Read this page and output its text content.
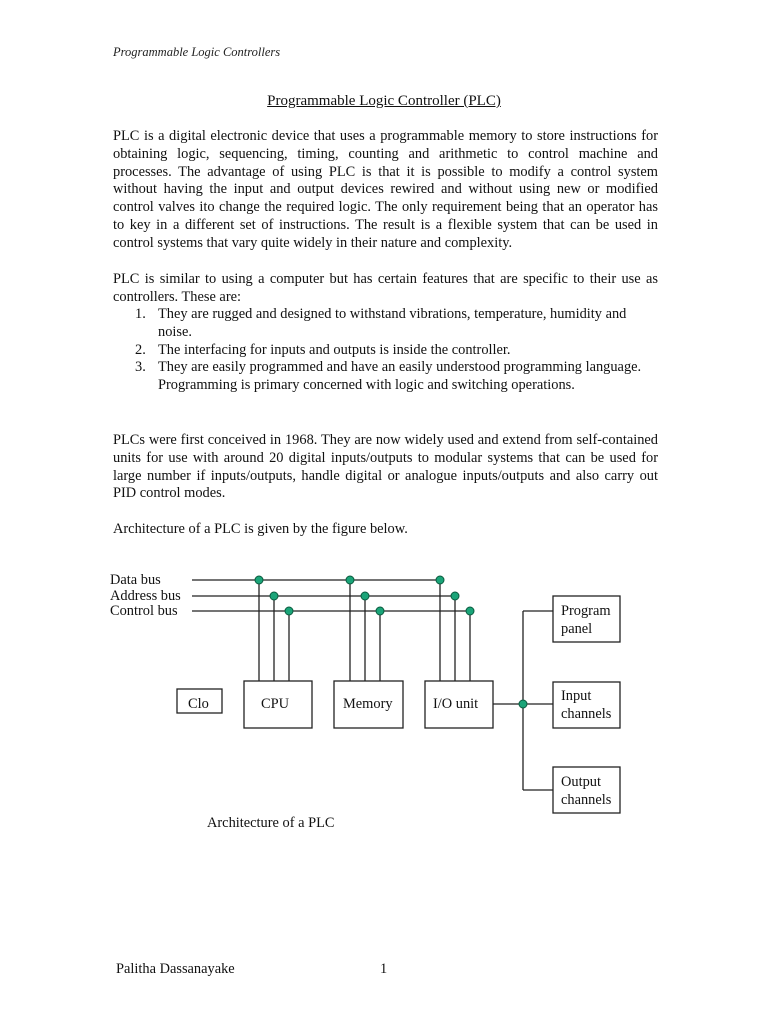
Programmable Logic Controllers
Programmable Logic Controller (PLC)

PLC is a digital electronic device that uses a programmable memory to store instructions for obtaining logic, sequencing, timing, counting and arithmetic to control machine and processes. The advantage of using PLC is that it is possible to modify a control system without having the input and output devices rewired and without using new or modified control valves ito change the required logic. The only requirement being that an operator has to key in a different set of instructions. The result is a flexible system that can be used in control systems that vary quite widely in their nature and complexity.

PLC is similar to using a computer but has certain features that are specific to their use as controllers. These are:

1. They are rugged and designed to withstand vibrations, temperature, humidity and noise.
2. The interfacing for inputs and outputs is inside the controller.
3. They are easily programmed and have an easily understood programming language. Programming is primary concerned with logic and switching operations.

PLCs were first conceived in 1968. They are now widely used and extend from self-contained units for use with around 20 digital inputs/outputs to modular systems that can be used for large number if inputs/outputs, handle digital or analogue inputs/outputs and also carry out PID control modes.

Architecture of a PLC is given by the figure below.

Data bus
Address bus
Control bus
Clo	CPU	Memory	I/O unit
Program
panel
Input
channels
Output
channels
Architecture of a PLC
Palitha Dassanayake	1
